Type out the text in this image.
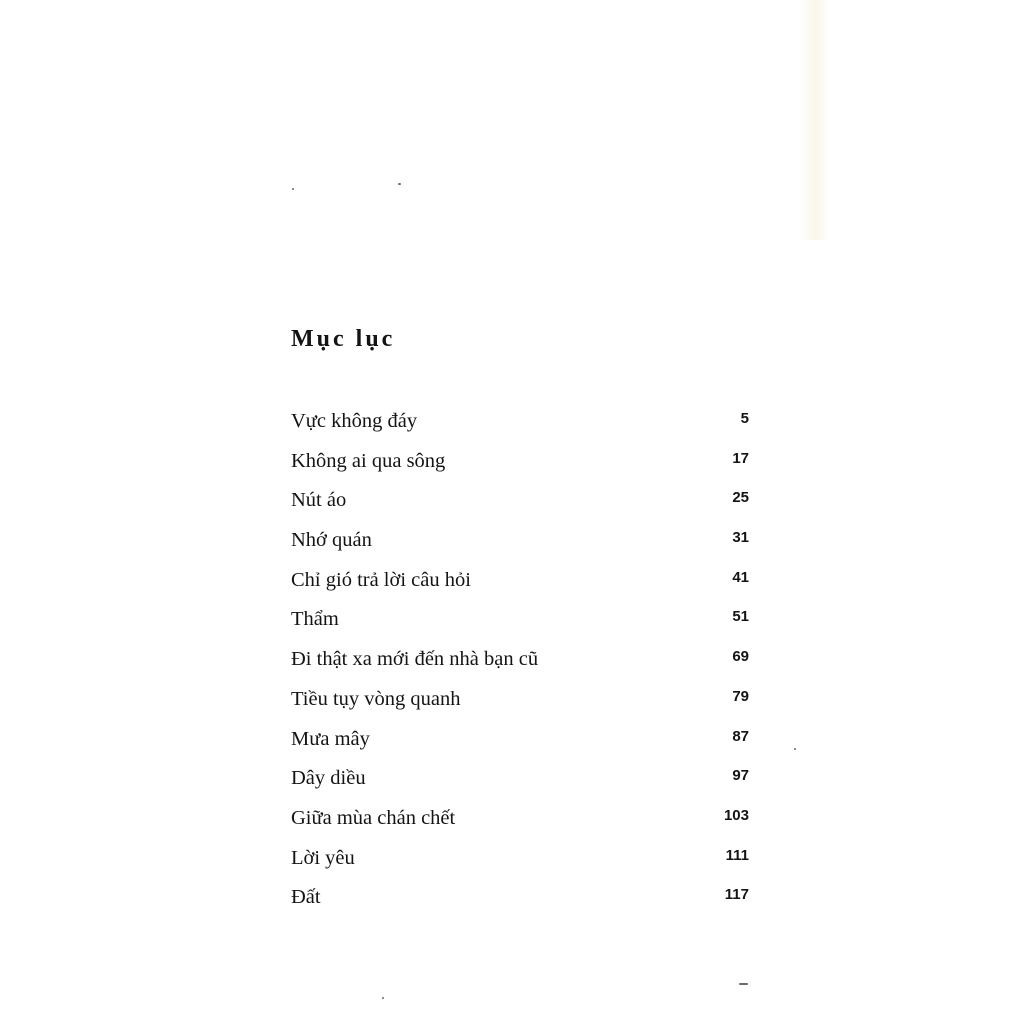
Mục lục
Vực không đáy	5
Không ai qua sông	17
Nút áo	25
Nhớ quán	31
Chỉ gió trả lời câu hỏi	41
Thẩm	51
Đi thật xa mới đến nhà bạn cũ	69
Tiều tụy vòng quanh	79
Mưa mây	87
Dây diều	97
Giữa mùa chán chết	103
Lời yêu	111
Đất	117
